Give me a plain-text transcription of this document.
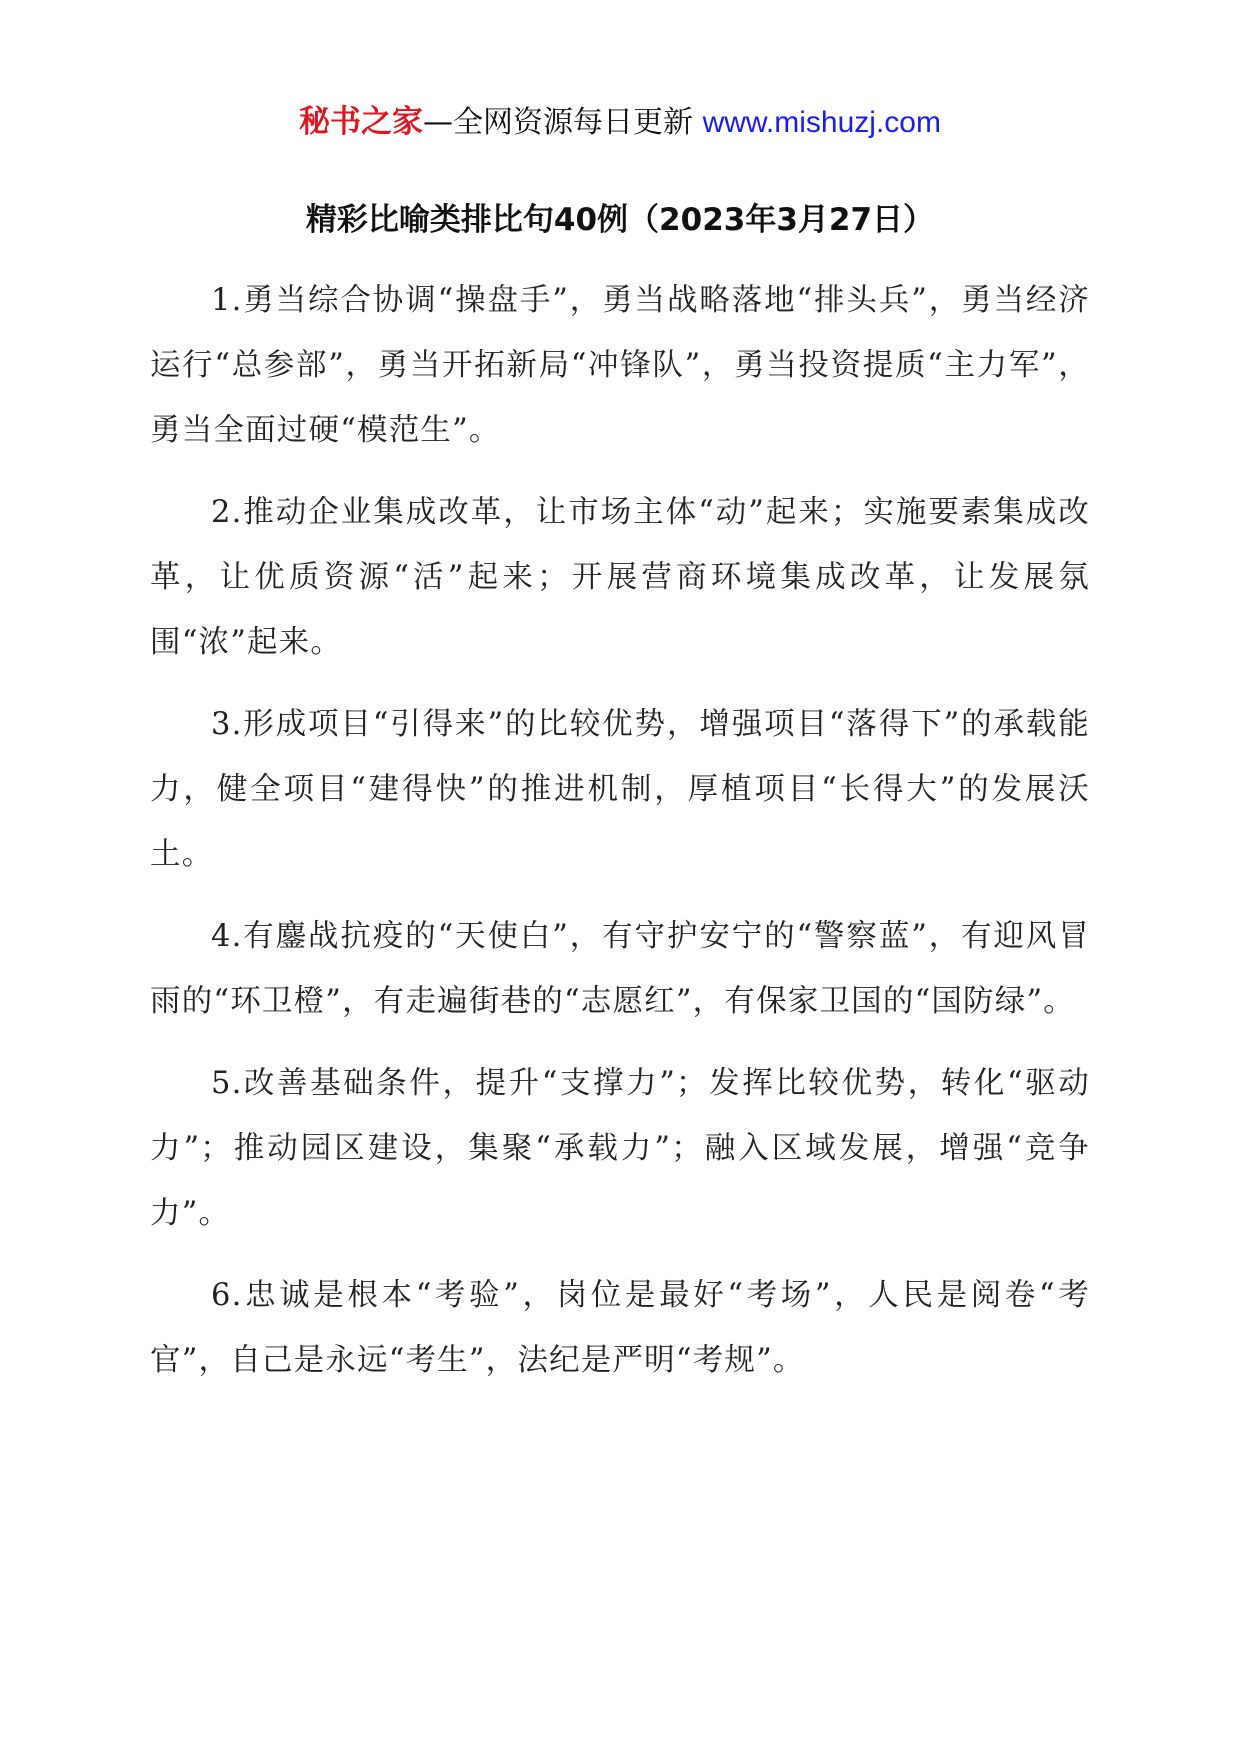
秘书之家—全网资源每日更新 www.mishuzj.com
精彩比喻类排比句40例（2023年3月27日）

1.勇当综合协调“操盘手”，勇当战略落地“排头兵”，勇当经济运行“总参部”，勇当开拓新局“冲锋队”，勇当投资提质“主力军”，勇当全面过硬“模范生”。

2.推动企业集成改革，让市场主体“动”起来；实施要素集成改革，让优质资源“活”起来；开展营商环境集成改革，让发展氛围“浓”起来。

3.形成项目“引得来”的比较优势，增强项目“落得下”的承载能力，健全项目“建得快”的推进机制，厚植项目“长得大”的发展沃土。

4.有鏖战抗疫的“天使白”，有守护安宁的“警察蓝”，有迎风冒雨的“环卫橙”，有走遍街巷的“志愿红”，有保家卫国的“国防绿”。

5.改善基础条件，提升“支撑力”；发挥比较优势，转化“驱动力”；推动园区建设，集聚“承载力”；融入区域发展，增强“竞争力”。

6.忠诚是根本“考验”，岗位是最好“考场”，人民是阅卷“考官”，自己是永远“考生”，法纪是严明“考规”。
